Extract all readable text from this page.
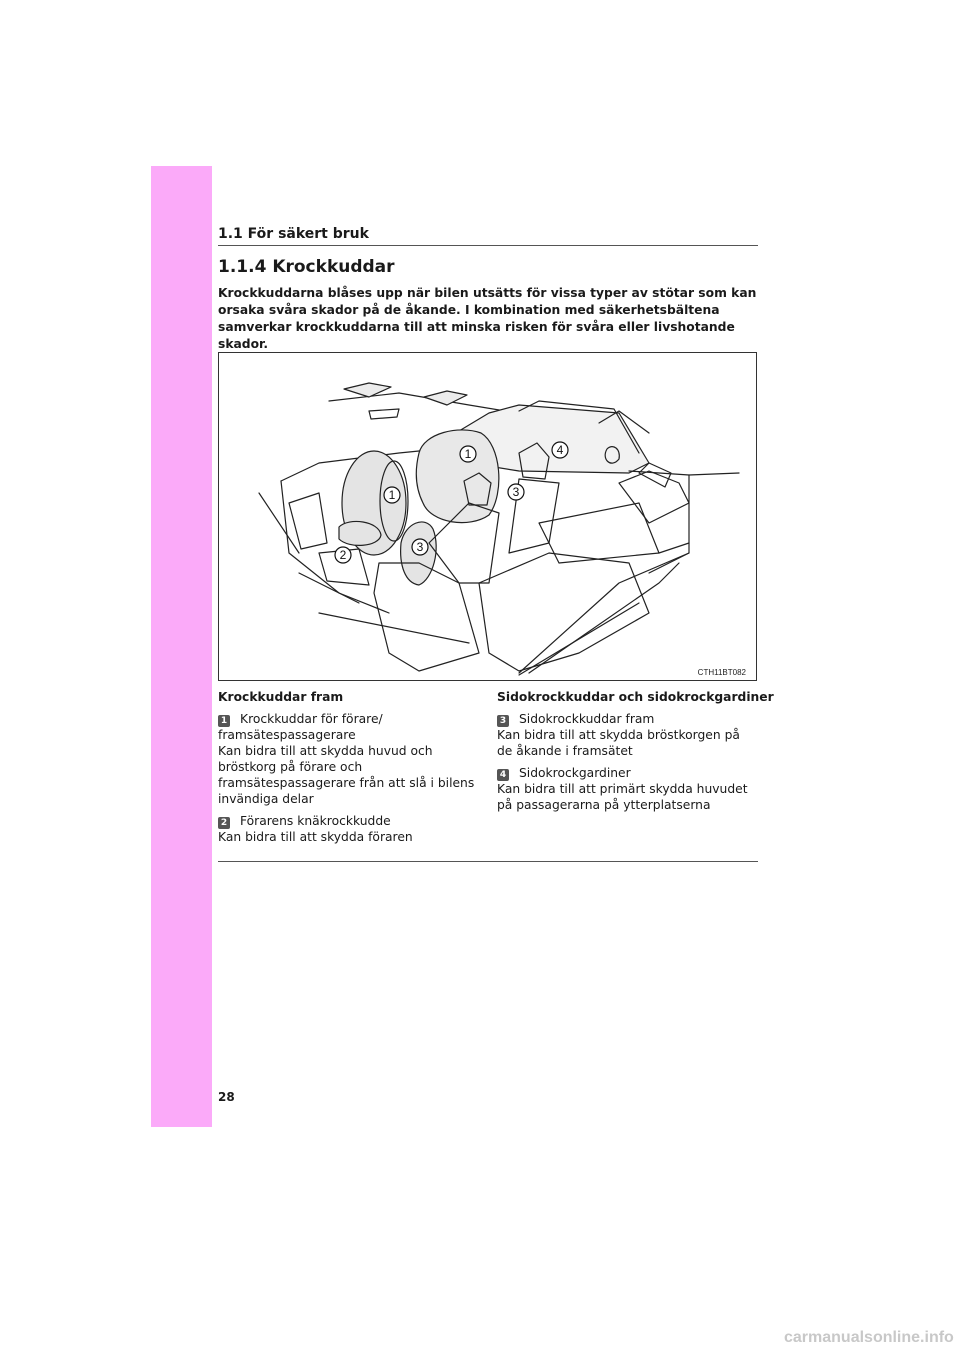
1.1 För säkert bruk
1.1.4 Krockkuddar

Krockkuddarna blåses upp när bilen utsätts för vissa typer av stötar som kan orsaka svåra skador på de åkande. I kombination med säkerhetsbältena samverkar krockkuddarna till att minska risken för svåra eller livshotande skador.

1
1
2
3
3
4
CTH11BT082
Krockkuddar fram

1 Krockkuddar för förare/ framsätespassagerare

Kan bidra till att skydda huvud och bröstkorg på förare och framsätespassagerare från att slå i bilens invändiga delar

2 Förarens knäkrockkudde

Kan bidra till att skydda föraren

Sidokrockkuddar och sidokrockgardiner

3 Sidokrockkuddar fram

Kan bidra till att skydda bröstkorgen på de åkande i framsätet

4 Sidokrockgardiner

Kan bidra till att primärt skydda huvudet på passagerarna på ytterplatserna

28
carmanualsonline.info
